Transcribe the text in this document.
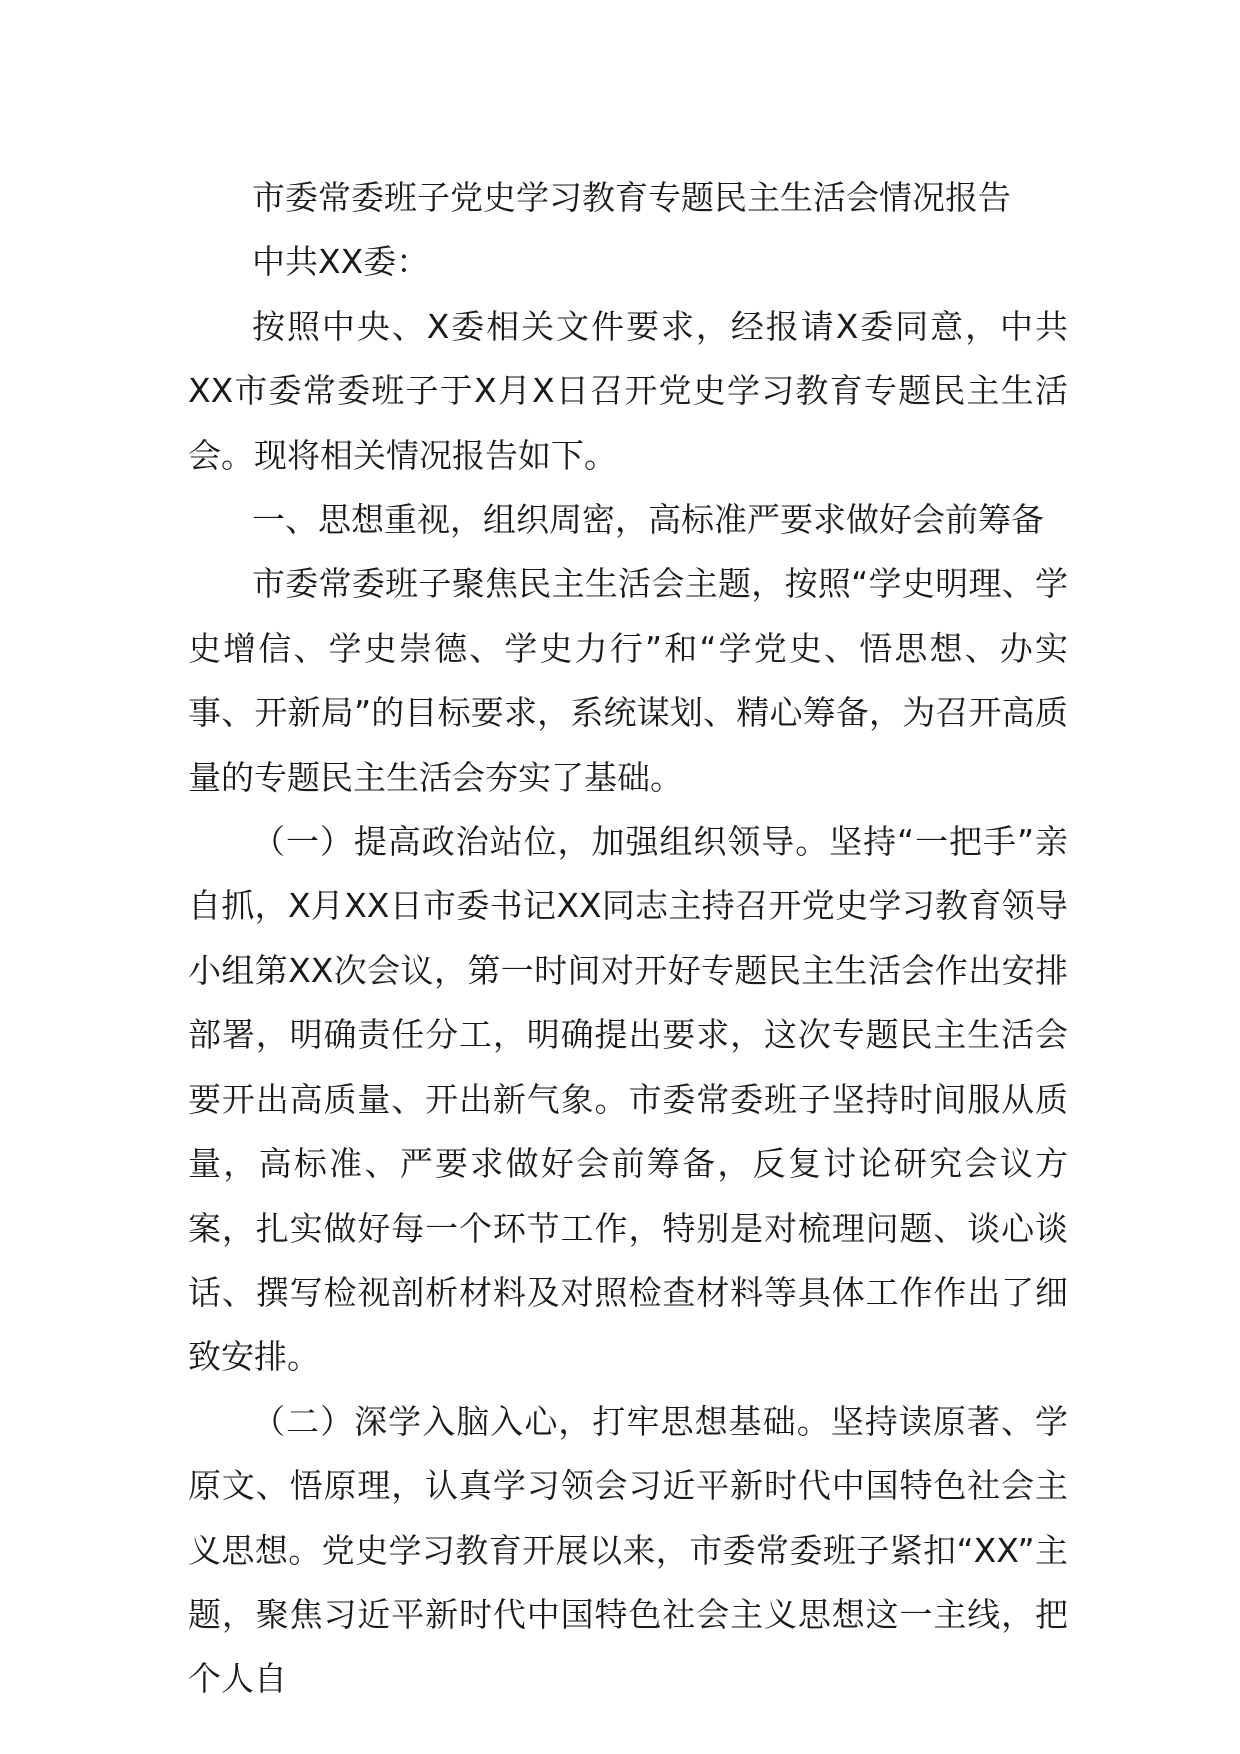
市委常委班子党史学习教育专题民主生活会情况报告

中共XX委：

按照中央、X委相关文件要求，经报请X委同意，中共XX市委常委班子于X月X日召开党史学习教育专题民主生活会。现将相关情况报告如下。

一、思想重视，组织周密，高标准严要求做好会前筹备

市委常委班子聚焦民主生活会主题，按照“学史明理、学史增信、学史崇德、学史力行”和“学党史、悟思想、办实事、开新局”的目标要求，系统谋划、精心筹备，为召开高质量的专题民主生活会夯实了基础。

（一）提高政治站位，加强组织领导。坚持“一把手”亲自抓，X月XX日市委书记XX同志主持召开党史学习教育领导小组第XX次会议，第一时间对开好专题民主生活会作出安排部署，明确责任分工，明确提出要求，这次专题民主生活会要开出高质量、开出新气象。市委常委班子坚持时间服从质量，高标准、严要求做好会前筹备，反复讨论研究会议方案，扎实做好每一个环节工作，特别是对梳理问题、谈心谈话、撰写检视剖析材料及对照检查材料等具体工作作出了细致安排。

（二）深学入脑入心，打牢思想基础。坚持读原著、学原文、悟原理，认真学习领会习近平新时代中国特色社会主义思想。党史学习教育开展以来，市委常委班子紧扣“XX”主题，聚焦习近平新时代中国特色社会主义思想这一主线，把个人自
